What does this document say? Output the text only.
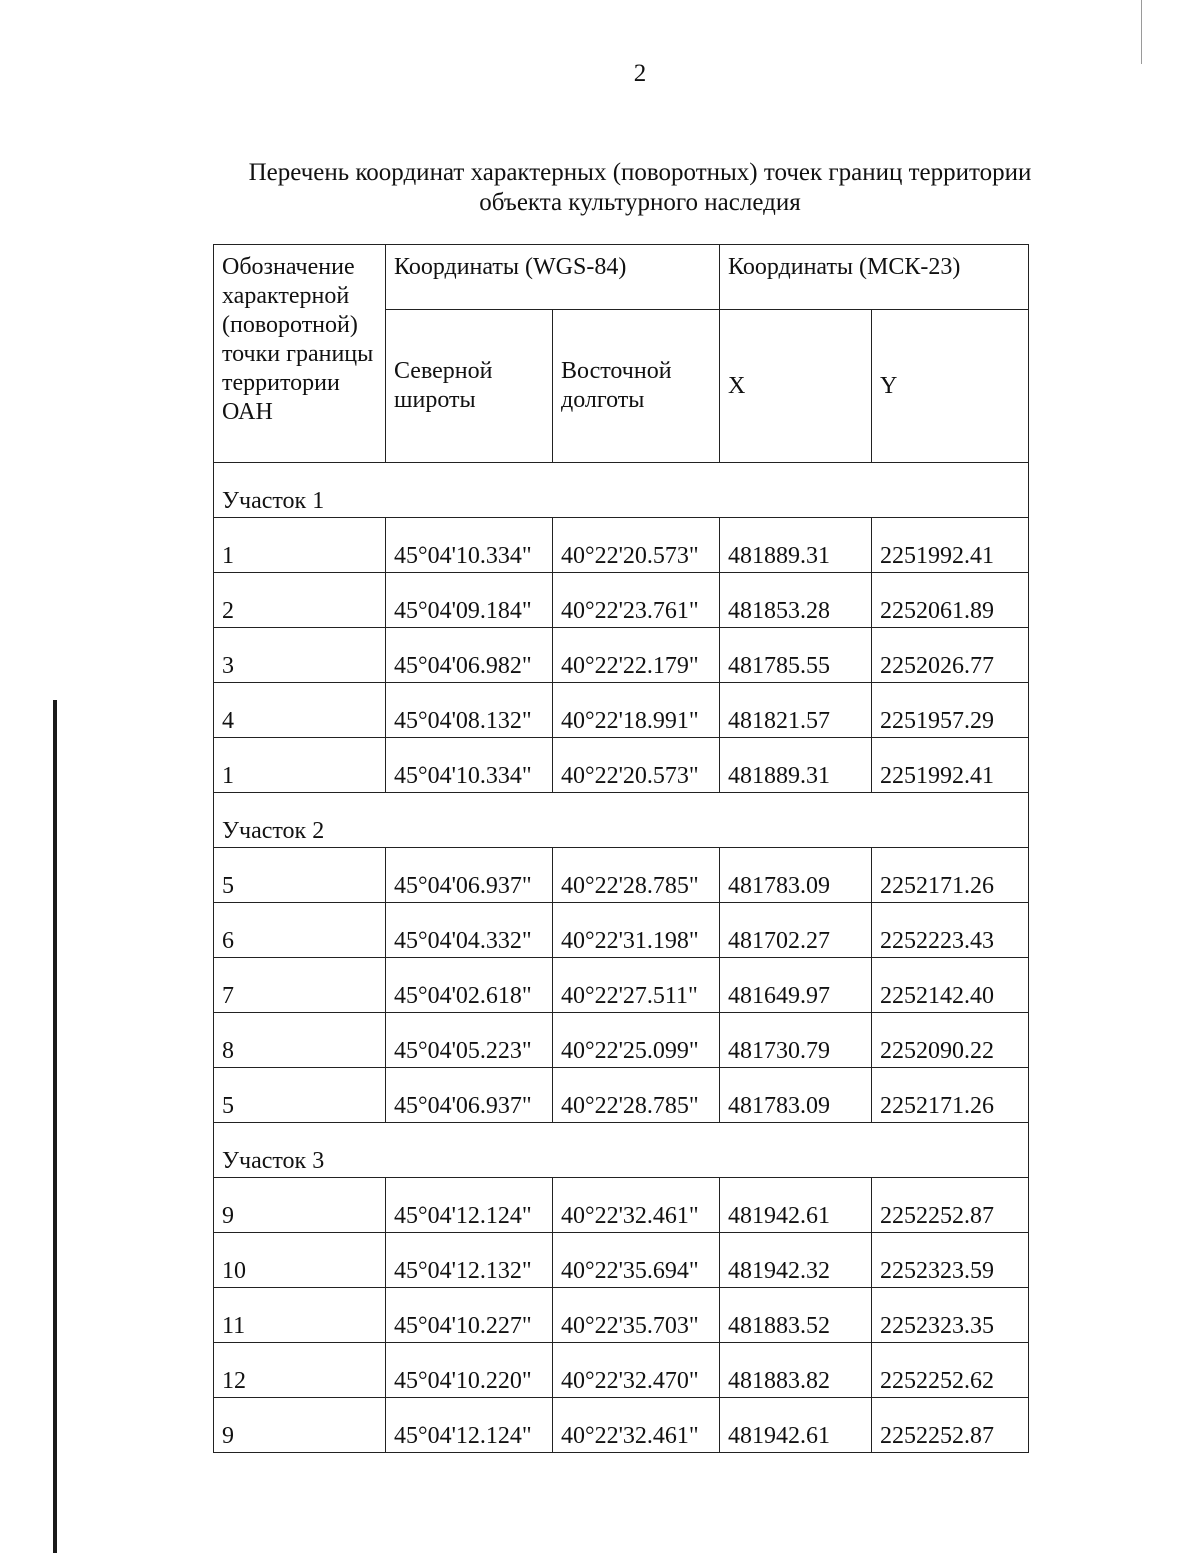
2
Перечень координат характерных (поворотных) точек границ территории
объекта культурного наследия
Обозначение характерной (поворотной) точки границы территории ОАН	Координаты (WGS-84)		Координаты (МСК-23)	
	Северной широты	Восточной долготы	X	Y
Участок 1				
1	45°04'10.334"	40°22'20.573"	481889.31	2251992.41
2	45°04'09.184"	40°22'23.761"	481853.28	2252061.89
3	45°04'06.982"	40°22'22.179"	481785.55	2252026.77
4	45°04'08.132"	40°22'18.991"	481821.57	2251957.29
1	45°04'10.334"	40°22'20.573"	481889.31	2251992.41
Участок 2				
5	45°04'06.937"	40°22'28.785"	481783.09	2252171.26
6	45°04'04.332"	40°22'31.198"	481702.27	2252223.43
7	45°04'02.618"	40°22'27.511"	481649.97	2252142.40
8	45°04'05.223"	40°22'25.099"	481730.79	2252090.22
5	45°04'06.937"	40°22'28.785"	481783.09	2252171.26
Участок 3				
9	45°04'12.124"	40°22'32.461"	481942.61	2252252.87
10	45°04'12.132"	40°22'35.694"	481942.32	2252323.59
11	45°04'10.227"	40°22'35.703"	481883.52	2252323.35
12	45°04'10.220"	40°22'32.470"	481883.82	2252252.62
9	45°04'12.124"	40°22'32.461"	481942.61	2252252.87
